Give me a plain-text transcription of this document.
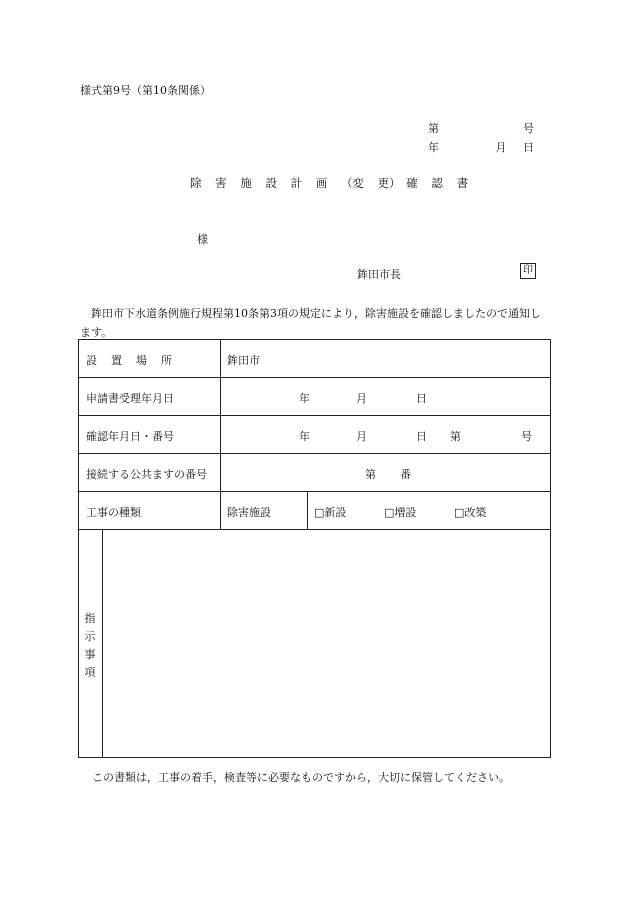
様式第9号（第10条関係）
第	号
年	月 日
除 害 施 設 計 画 （変 更） 確 認 書
様
鉾田市長	印
鉾田市下水道条例施行規程第10条第3項の規定により，除害施設を確認しましたので通知します。
設 置 場 所	鉾田市
申請書受理年月日	年	月	日
確認年月日・番号	年	月	日 第	号
接続する公共ますの番号	第 番
工事の種類	除害施設	□新設	□増設	□改築
指
示
事
項
この書類は，工事の着手，検査等に必要なものですから，大切に保管してください。
